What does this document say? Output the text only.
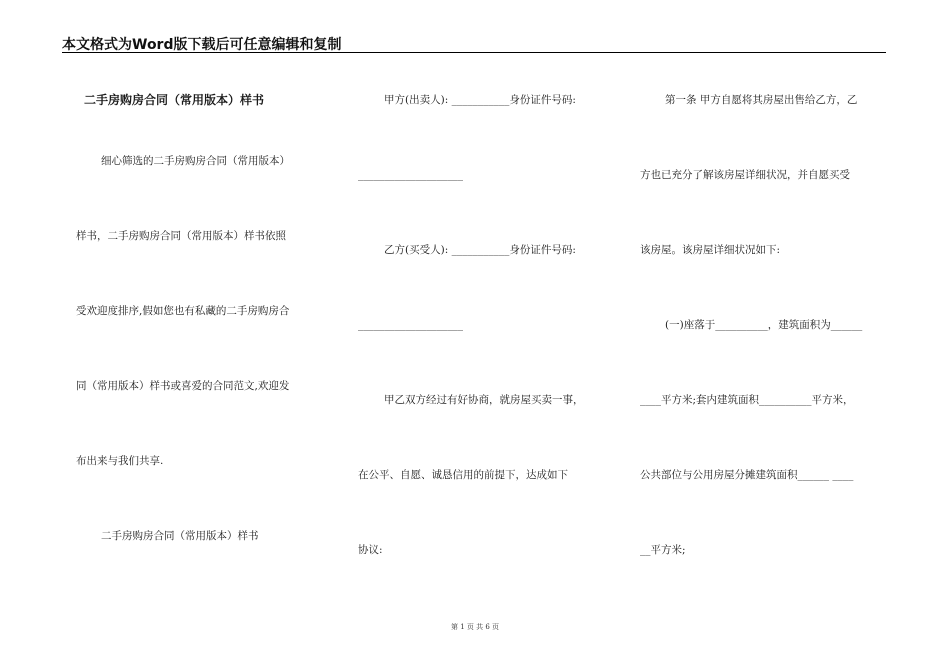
本文格式为Word版下载后可任意编辑和复制
二手房购房合同（常用版本）样书
细心筛选的二手房购房合同（常用版本）
样书，二手房购房合同（常用版本）样书依照
受欢迎度排序,假如您也有私藏的二手房购房合
同（常用版本）样书或喜爱的合同范文,欢迎发
布出来与我们共享.
二手房购房合同（常用版本）样书
甲方(出卖人): ___________身份证件号码:
____________________
乙方(买受人): ___________身份证件号码:
____________________
甲乙双方经过有好协商，就房屋买卖一事，
在公平、自愿、诚恳信用的前提下，达成如下
协议:
第一条 甲方自愿将其房屋出售给乙方，乙
方也已充分了解该房屋详细状况，并自愿买受
该房屋。该房屋详细状况如下:
(一)座落于__________，建筑面积为______
____平方米;套内建筑面积__________平方米，
公共部位与公用房屋分摊建筑面积______ ____
__平方米;
第 1 页 共 6 页
